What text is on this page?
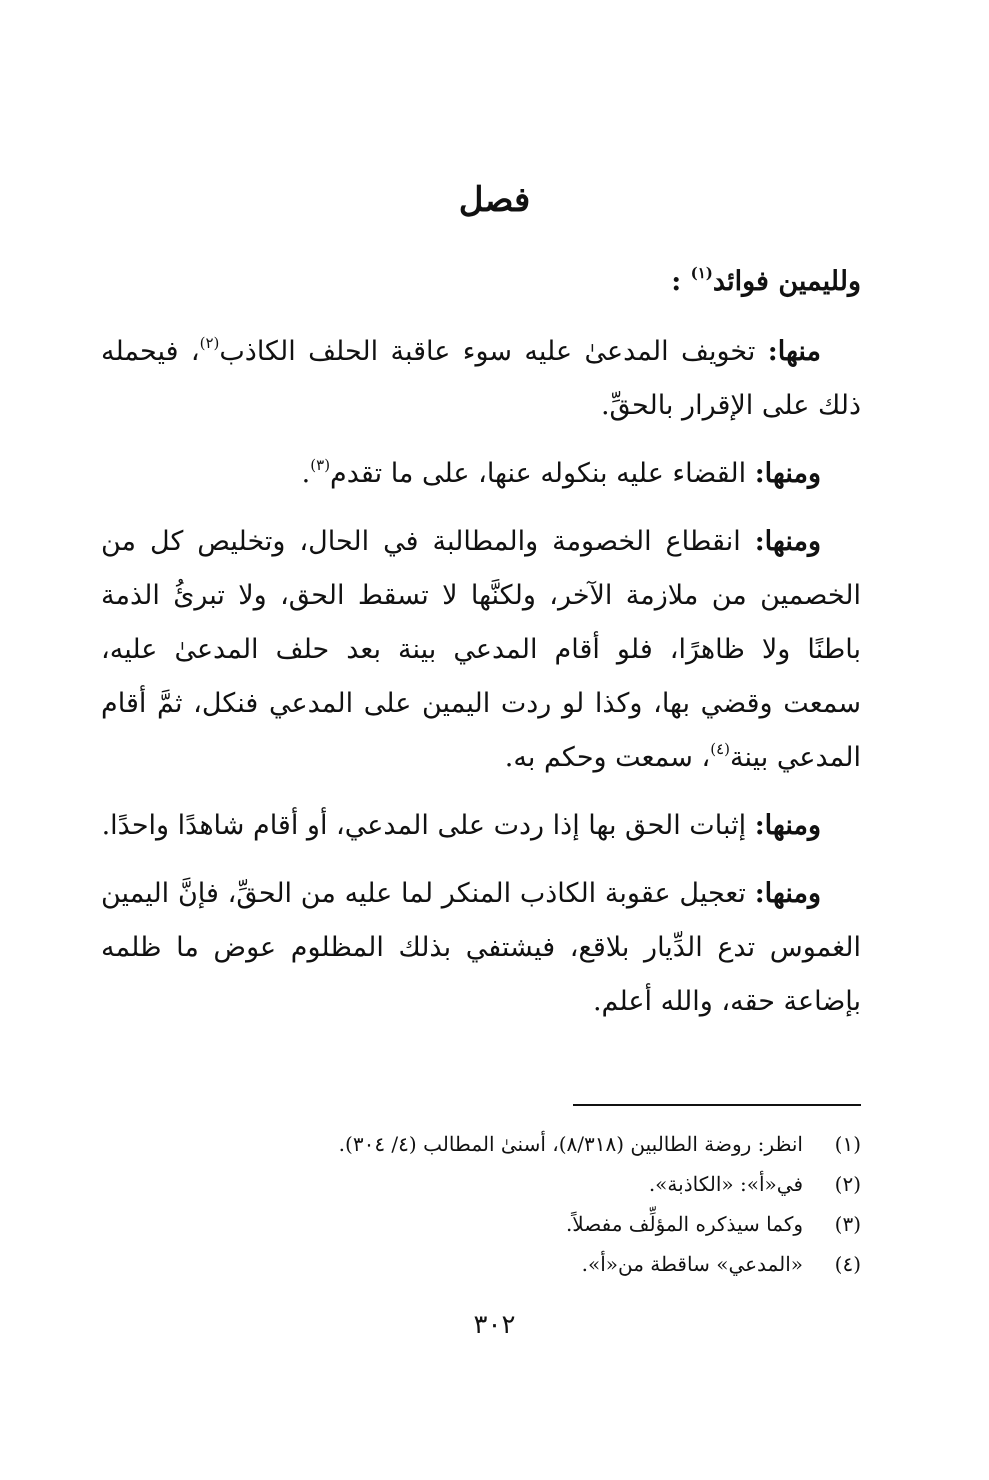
فصل

ولليمين فوائد$^{(١)}$ :

منها: تخويف المدعىٰ عليه سوء عاقبة الحلف الكاذب$^{(٢)}$، فيحمله ذلك على الإقرار بالحقِّ.

ومنها: القضاء عليه بنكوله عنها، على ما تقدم$^{(٣)}$.

ومنها: انقطاع الخصومة والمطالبة في الحال، وتخليص كل من الخصمين من ملازمة الآخر، ولكنَّها لا تسقط الحق، ولا تبرئُ الذمة باطنًا ولا ظاهرًا، فلو أقام المدعي بينة بعد حلف المدعىٰ عليه، سمعت وقضي بها، وكذا لو ردت اليمين على المدعي فنكل، ثمَّ أقام المدعي بينة$^{(٤)}$، سمعت وحكم به.

ومنها: إثبات الحق بها إذا ردت على المدعي، أو أقام شاهدًا واحدًا.

ومنها: تعجيل عقوبة الكاذب المنكر لما عليه من الحقِّ، فإنَّ اليمين الغموس تدع الدِّيار بلاقع، فيشتفي بذلك المظلوم عوض ما ظلمه بإضاعة حقه، والله أعلم.

(١)
انظر: روضة الطالبين (٨/٣١٨)، أسنىٰ المطالب (٤/ ٣٠٤).
(٢)
في«أ»: «الكاذبة».
(٣)
وكما سيذكره المؤلِّف مفصلاً.
(٤)
«المدعي» ساقطة من«أ».

٣٠٢
